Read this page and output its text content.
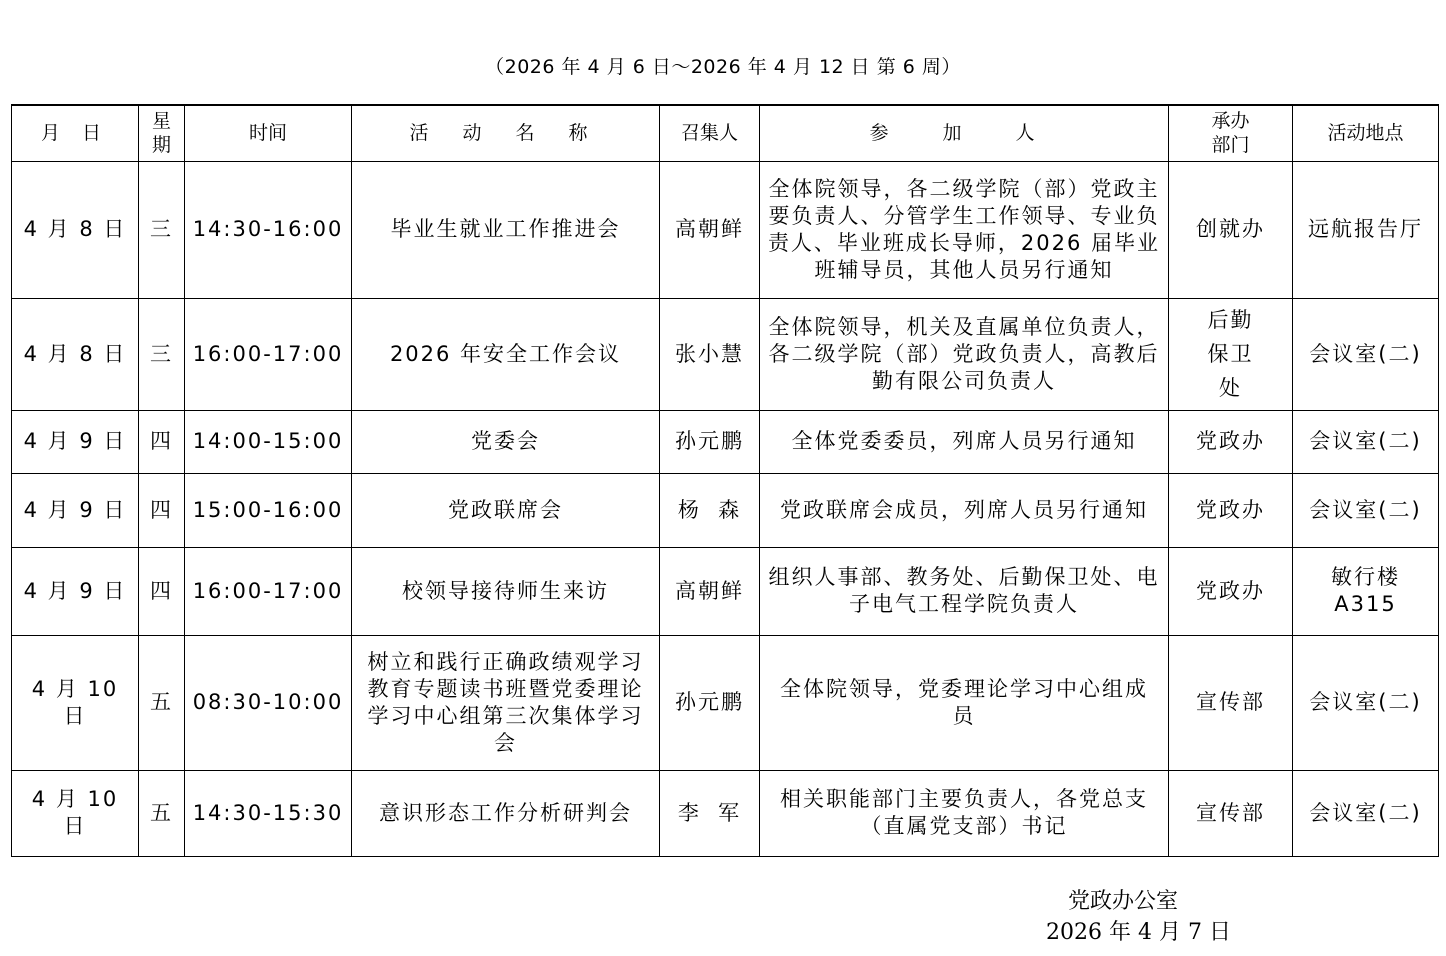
（2026 年 4 月 6 日～2026 年 4 月 12 日 第 6 周）
月 日	星期	时间	活 动 名 称	召集人	参 加 人	承办部门	活动地点
4 月 8 日	三	14:30-16:00	毕业生就业工作推进会	高朝鲜	全体院领导，各二级学院（部）党政主要负责人、分管学生工作领导、专业负责人、毕业班成长导师，2026 届毕业班辅导员，其他人员另行通知	创就办	远航报告厅
4 月 8 日	三	16:00-17:00	2026 年安全工作会议	张小慧	全体院领导，机关及直属单位负责人，各二级学院（部）党政负责人，高教后勤有限公司负责人	后勤保卫处	会议室(二)
4 月 9 日	四	14:00-15:00	党委会	孙元鹏	全体党委委员，列席人员另行通知	党政办	会议室(二)
4 月 9 日	四	15:00-16:00	党政联席会	杨  森	党政联席会成员，列席人员另行通知	党政办	会议室(二)
4 月 9 日	四	16:00-17:00	校领导接待师生来访	高朝鲜	组织人事部、教务处、后勤保卫处、电子电气工程学院负责人	党政办	敏行楼A315
4 月 10 日	五	08:30-10:00	树立和践行正确政绩观学习教育专题读书班暨党委理论学习中心组第三次集体学习会	孙元鹏	全体院领导，党委理论学习中心组成员	宣传部	会议室(二)
4 月 10 日	五	14:30-15:30	意识形态工作分析研判会	李  军	相关职能部门主要负责人，各党总支（直属党支部）书记	宣传部	会议室(二)
党政办公室
2026 年 4 月 7 日
